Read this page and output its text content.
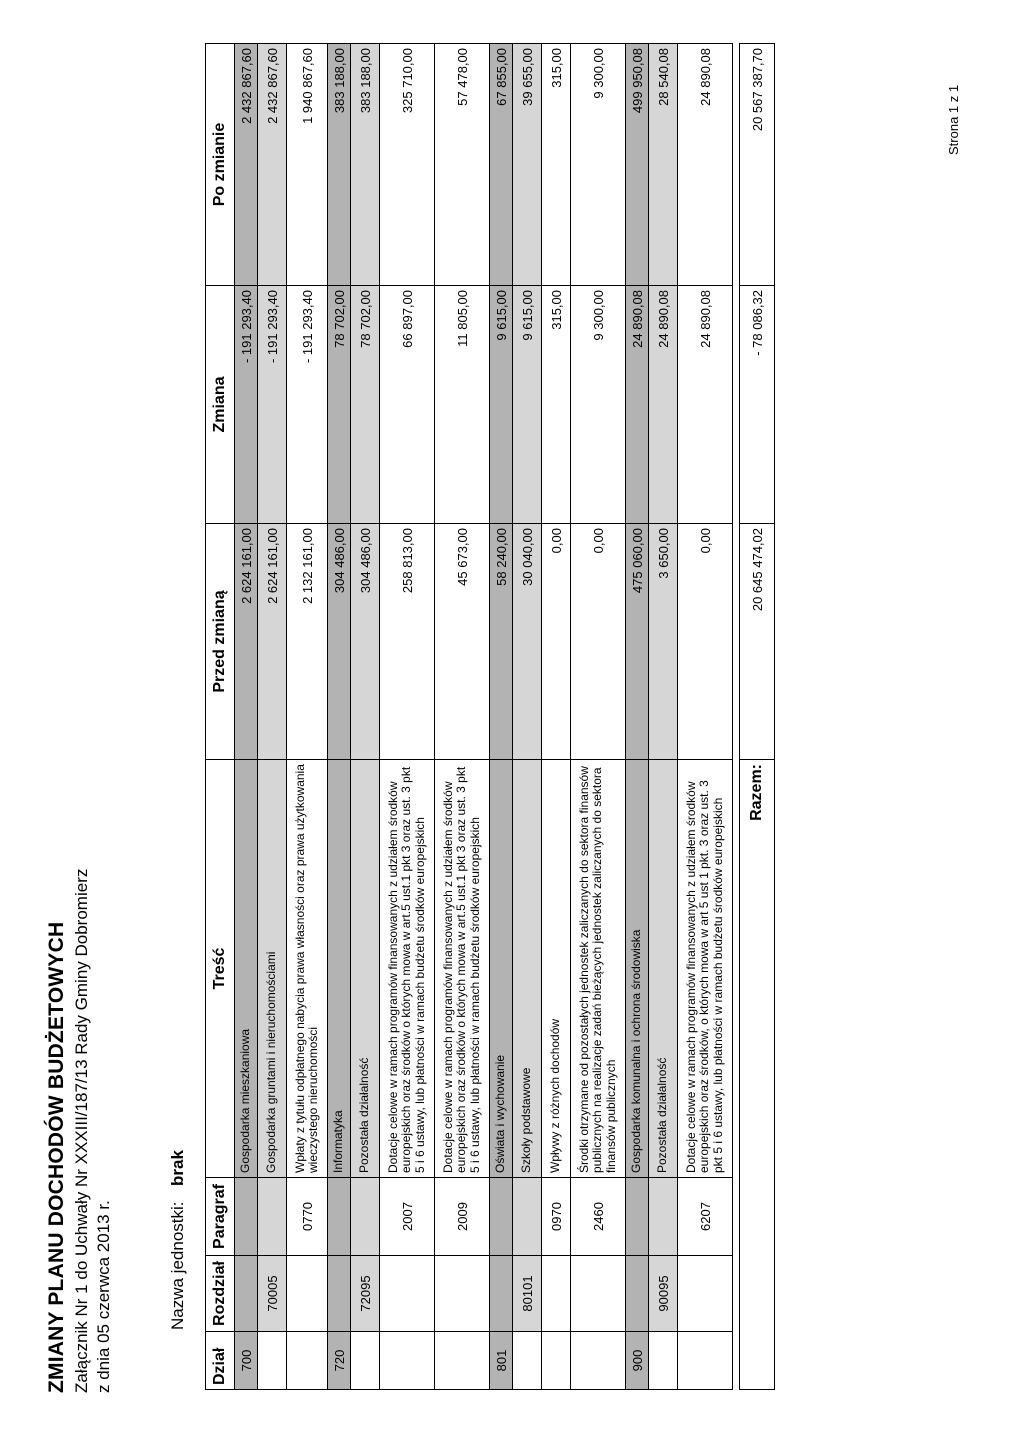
ZMIANY PLANU DOCHODÓW BUDŻETOWYCH Załącznik Nr 1 do Uchwały Nr XXXIII/187/13 Rady Gminy Dobromierz z dnia 05 czerwca 2013 r.	Nazwa jednostki:
brak
Dział	Rozdział	Paragraf	Treść	Przed zmianą	Zmiana	Po zmianie
700			Gospodarka mieszkaniowa	2 624 161,00	- 191 293,40	2 432 867,60
	70005		Gospodarka gruntami i nieruchomościami	2 624 161,00	- 191 293,40	2 432 867,60
		0770	Wpłaty z tytułu odpłatnego nabycia prawa własności oraz prawa użytkowania wieczystego nieruchomości	2 132 161,00	- 191 293,40	1 940 867,60
720			Informatyka	304 486,00	78 702,00	383 188,00
	72095		Pozostała działalność	304 486,00	78 702,00	383 188,00
		2007	Dotacje celowe w ramach programów finansowanych z udziałem środków europejskich oraz środków o których mowa w art.5 ust.1 pkt 3 oraz ust. 3 pkt 5 i 6 ustawy, lub płatności w ramach budżetu środków europejskich	258 813,00	66 897,00	325 710,00
		2009	Dotacje celowe w ramach programów finansowanych z udziałem środków europejskich oraz środków o których mowa w art.5 ust.1 pkt 3 oraz ust. 3 pkt 5 i 6 ustawy, lub płatności w ramach budżetu środków europejskich	45 673,00	11 805,00	57 478,00
801			Oświata i wychowanie	58 240,00	9 615,00	67 855,00
	80101		Szkoły podstawowe	30 040,00	9 615,00	39 655,00
		0970	Wpływy z różnych dochodów	0,00	315,00	315,00
		2460	Środki otrzymane od pozostałych jednostek zaliczanych do sektora finansów publicznych na realizacje zadań bieżących jednostek zaliczanych do sektora finansów publicznych	0,00	9 300,00	9 300,00
900			Gospodarka komunalna i ochrona środowiska	475 060,00	24 890,08	499 950,08
	90095		Pozostała działalność	3 650,00	24 890,08	28 540,08
		6207	Dotacje celowe w ramach programów finansowanych z udziałem środków europejskich oraz środków, o których mowa w art 5 ust 1 pkt. 3 oraz ust. 3 pkt 5 i 6 ustawy, lub płatności w ramach budżetu środków europejskich	0,00	24 890,08	24 890,08

Razem:				20 645 474,02	- 78 086,32	20 567 387,70	Strona 1 z 1
